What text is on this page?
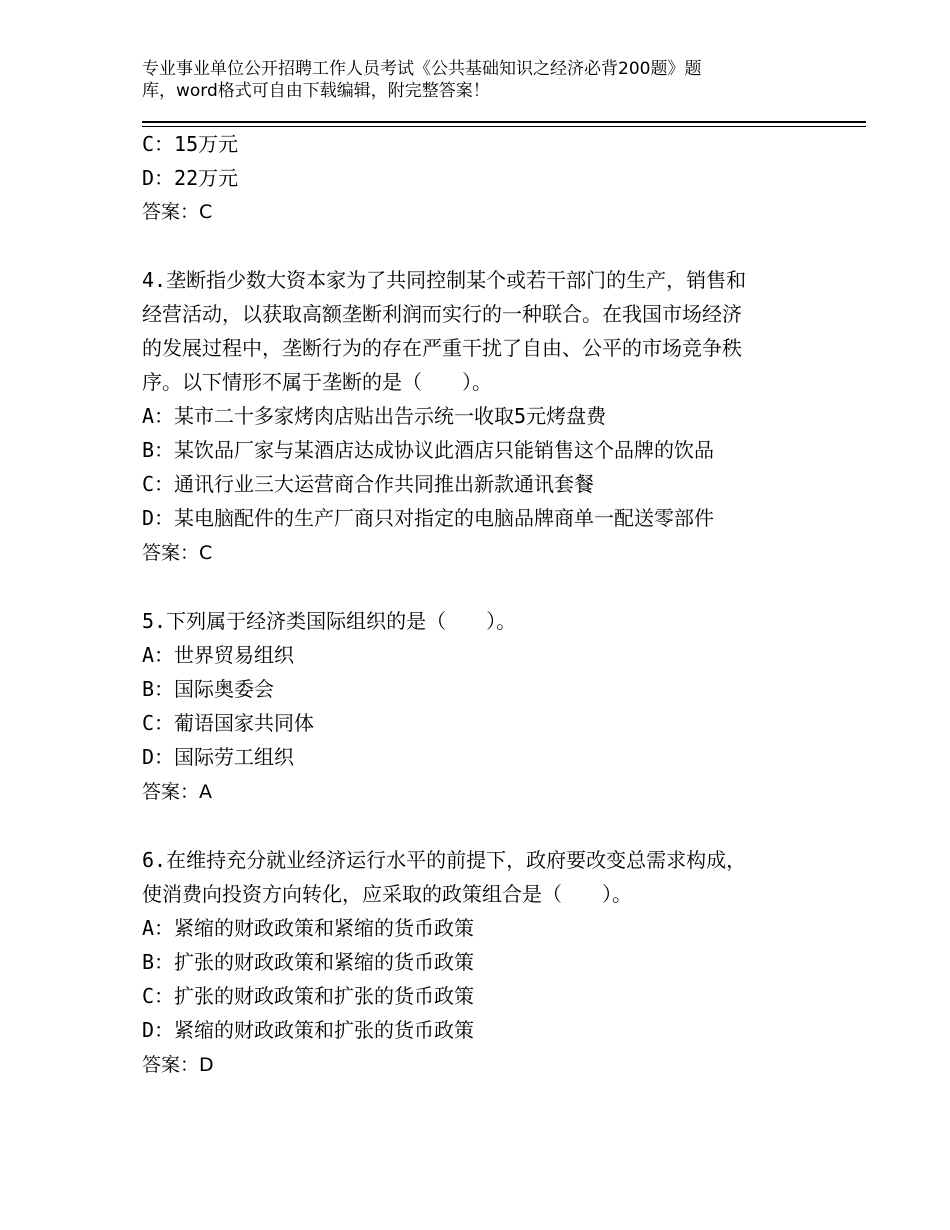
专业事业单位公开招聘工作人员考试《公共基础知识之经济必背200题》题
库，word格式可自由下载编辑，附完整答案！
C：15万元
D：22万元
答案：C
4.垄断指少数大资本家为了共同控制某个或若干部门的生产，销售和
经营活动，以获取高额垄断利润而实行的一种联合。在我国市场经济
的发展过程中，垄断行为的存在严重干扰了自由、公平的市场竞争秩
序。以下情形不属于垄断的是（　　）。
A：某市二十多家烤肉店贴出告示统一收取5元烤盘费
B：某饮品厂家与某酒店达成协议此酒店只能销售这个品牌的饮品
C：通讯行业三大运营商合作共同推出新款通讯套餐
D：某电脑配件的生产厂商只对指定的电脑品牌商单一配送零部件
答案：C
5.下列属于经济类国际组织的是（　　）。
A：世界贸易组织
B：国际奥委会
C：葡语国家共同体
D：国际劳工组织
答案：A
6.在维持充分就业经济运行水平的前提下，政府要改变总需求构成，
使消费向投资方向转化，应采取的政策组合是（　　）。
A：紧缩的财政政策和紧缩的货币政策
B：扩张的财政政策和紧缩的货币政策
C：扩张的财政政策和扩张的货币政策
D：紧缩的财政政策和扩张的货币政策
答案：D
